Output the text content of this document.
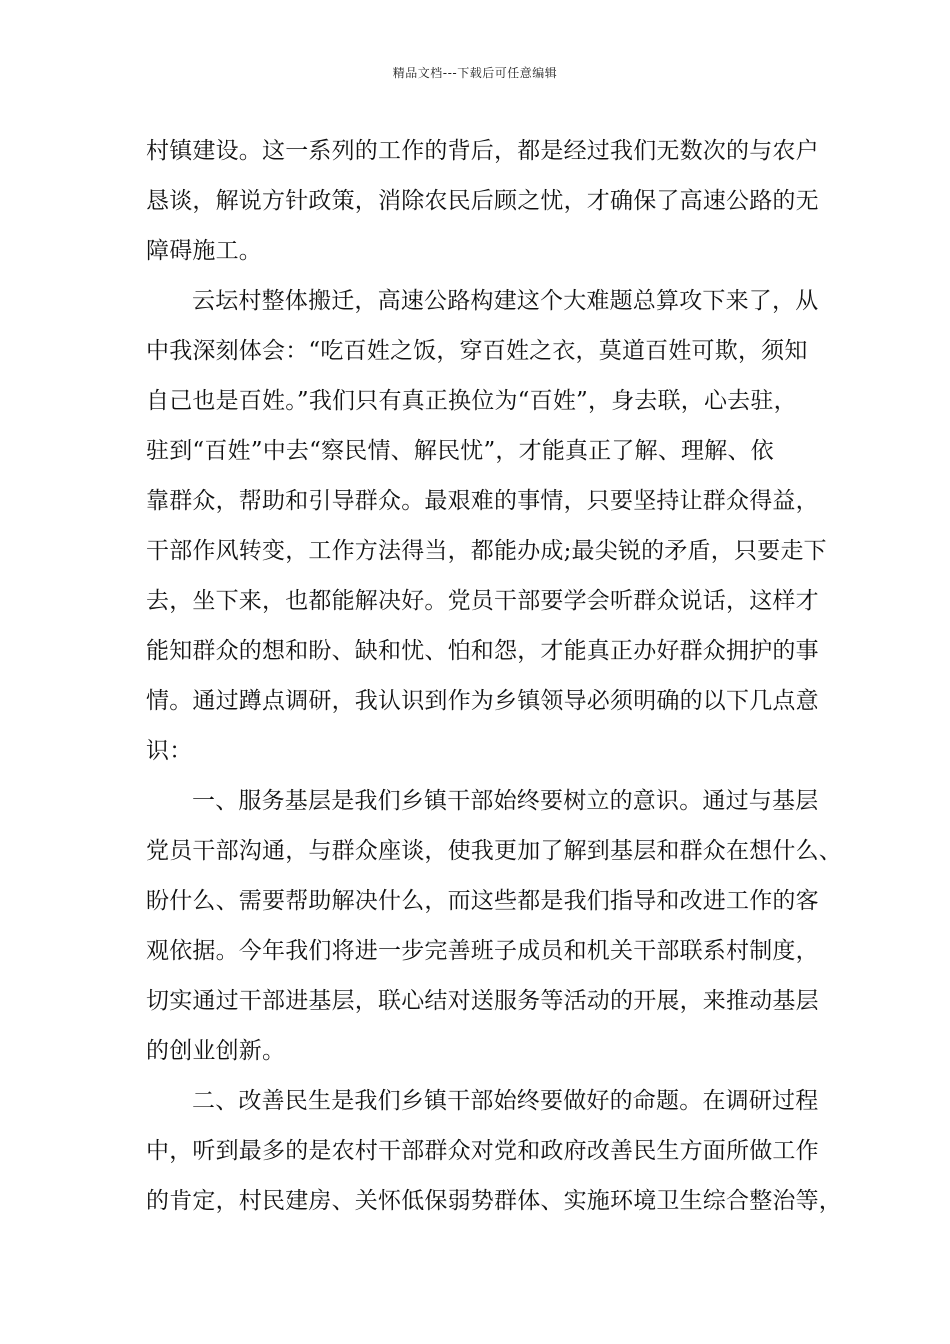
精品文档---下载后可任意编辑
村镇建设。这一系列的工作的背后，都是经过我们无数次的与农户
恳谈，解说方针政策，消除农民后顾之忧，才确保了高速公路的无
障碍施工。
云坛村整体搬迁，高速公路构建这个大难题总算攻下来了，从
中我深刻体会：“吃百姓之饭，穿百姓之衣，莫道百姓可欺，须知
自己也是百姓。”我们只有真正换位为“百姓”，身去联，心去驻，
驻到“百姓”中去“察民情、解民忧”，才能真正了解、理解、依
靠群众，帮助和引导群众。最艰难的事情，只要坚持让群众得益，
干部作风转变，工作方法得当，都能办成;最尖锐的矛盾，只要走下
去，坐下来，也都能解决好。党员干部要学会听群众说话，这样才
能知群众的想和盼、缺和忧、怕和怨，才能真正办好群众拥护的事
情。通过蹲点调研，我认识到作为乡镇领导必须明确的以下几点意
识：
一、服务基层是我们乡镇干部始终要树立的意识。通过与基层
党员干部沟通，与群众座谈，使我更加了解到基层和群众在想什么、
盼什么、需要帮助解决什么，而这些都是我们指导和改进工作的客
观依据。今年我们将进一步完善班子成员和机关干部联系村制度，
切实通过干部进基层，联心结对送服务等活动的开展，来推动基层
的创业创新。
二、改善民生是我们乡镇干部始终要做好的命题。在调研过程
中，听到最多的是农村干部群众对党和政府改善民生方面所做工作
的肯定，村民建房、关怀低保弱势群体、实施环境卫生综合整治等，
